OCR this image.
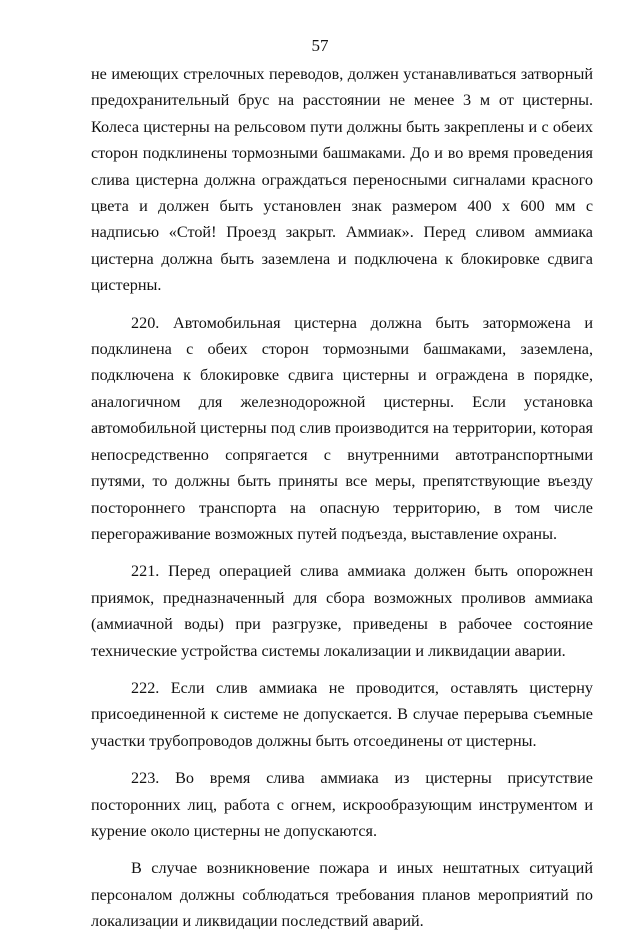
57

не имеющих стрелочных переводов, должен устанавливаться затворный предохранительный брус на расстоянии не менее 3 м от цистерны. Колеса цистерны на рельсовом пути должны быть закреплены и с обеих сторон подклинены тормозными башмаками. До и во время проведения слива цистерна должна ограждаться переносными сигналами красного цвета и должен быть установлен знак размером 400 х 600 мм с надписью «Стой! Проезд закрыт. Аммиак». Перед сливом аммиака цистерна должна быть заземлена и подключена к блокировке сдвига цистерны.

220. Автомобильная цистерна должна быть заторможена и подклинена с обеих сторон тормозными башмаками, заземлена, подключена к блокировке сдвига цистерны и ограждена в порядке, аналогичном для железнодорожной цистерны. Если установка автомобильной цистерны под слив производится на территории, которая непосредственно сопрягается с внутренними автотранспортными путями, то должны быть приняты все меры, препятствующие въезду постороннего транспорта на опасную территорию, в том числе перегораживание возможных путей подъезда, выставление охраны.

221. Перед операцией слива аммиака должен быть опорожнен приямок, предназначенный для сбора возможных проливов аммиака (аммиачной воды) при разгрузке, приведены в рабочее состояние технические устройства системы локализации и ликвидации аварии.

222. Если слив аммиака не проводится, оставлять цистерну присоединенной к системе не допускается. В случае перерыва съемные участки трубопроводов должны быть отсоединены от цистерны.

223. Во время слива аммиака из цистерны присутствие посторонних лиц, работа с огнем, искрообразующим инструментом и курение около цистерны не допускаются.

В случае возникновение пожара и иных нештатных ситуаций персоналом должны соблюдаться требования планов мероприятий по локализации и ликвидации последствий аварий.
